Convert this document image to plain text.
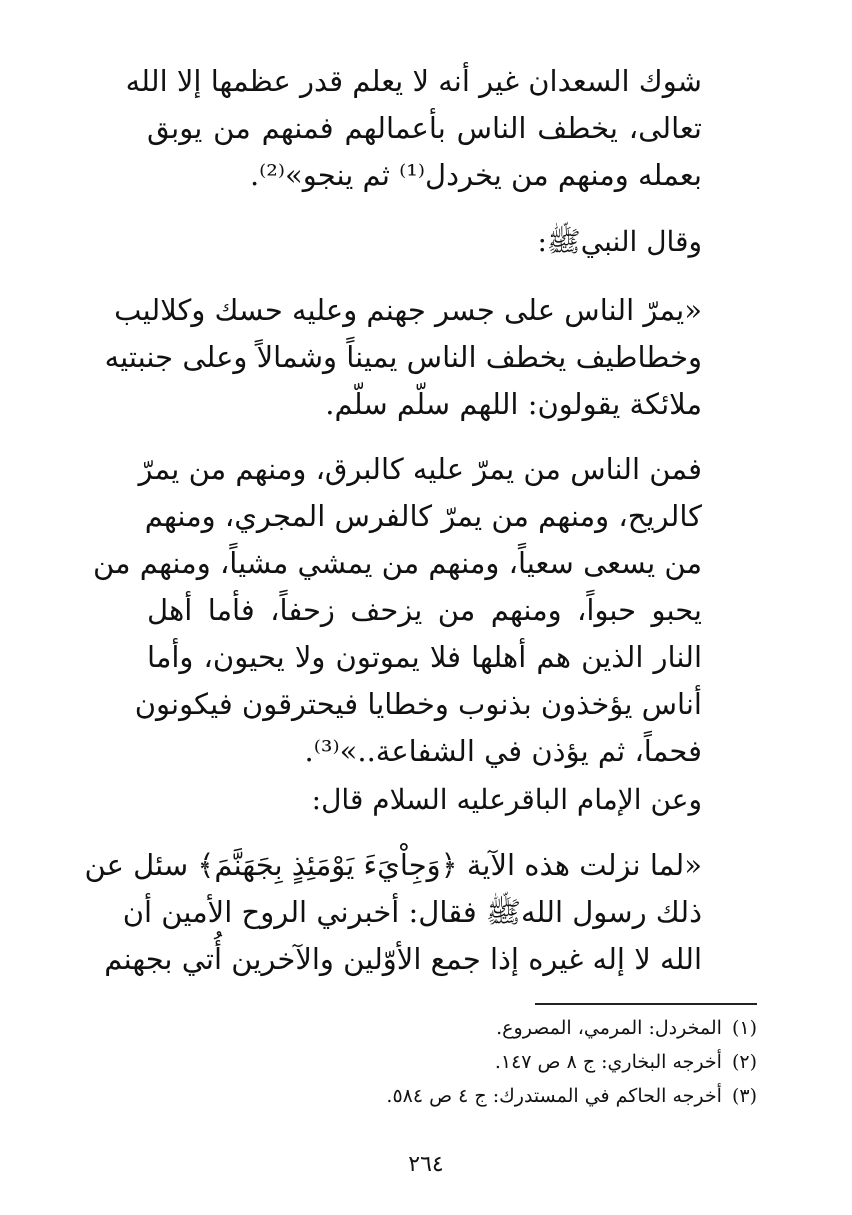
شوك السعدان غير أنه لا يعلم قدر عظمها إلا الله
تعالى، يخطف الناس بأعمالهم فمنهم من يوبق
بعمله ومنهم من يخردل⁽¹⁾ ثم ينجو»⁽²⁾.
وقال النبيﷺ:
«يمرّ الناس على جسر جهنم وعليه حسك وكلاليب
وخطاطيف يخطف الناس يميناً وشمالاً وعلى جنبتيه
ملائكة يقولون: اللهم سلّم سلّم.
فمن الناس من يمرّ عليه كالبرق، ومنهم من يمرّ
كالريح، ومنهم من يمرّ كالفرس المجري، ومنهم
من يسعى سعياً، ومنهم من يمشي مشياً، ومنهم من
يحبو حبواً، ومنهم من يزحف زحفاً، فأما أهل
النار الذين هم أهلها فلا يموتون ولا يحيون، وأما
أناس يؤخذون بذنوب وخطايا فيحترقون فيكونون
فحماً، ثم يؤذن في الشفاعة..»⁽³⁾.
وعن الإمام الباقرعليه السلام قال:
«لما نزلت هذه الآية ﴿وَجِاْيَءَ يَوْمَئِذٍ بِجَهَنَّمَ﴾ سئل عن
ذلك رسول اللهﷺ فقال: أخبرني الروح الأمين أن
الله لا إله غيره إذا جمع الأوّلين والآخرين أُتي بجهنم
(١)المخردل: المرمي، المصروع.
(٢)أخرجه البخاري: ج ٨ ص ١٤٧.
(٣)أخرجه الحاكم في المستدرك: ج ٤ ص ٥٨٤.
٢٦٤
